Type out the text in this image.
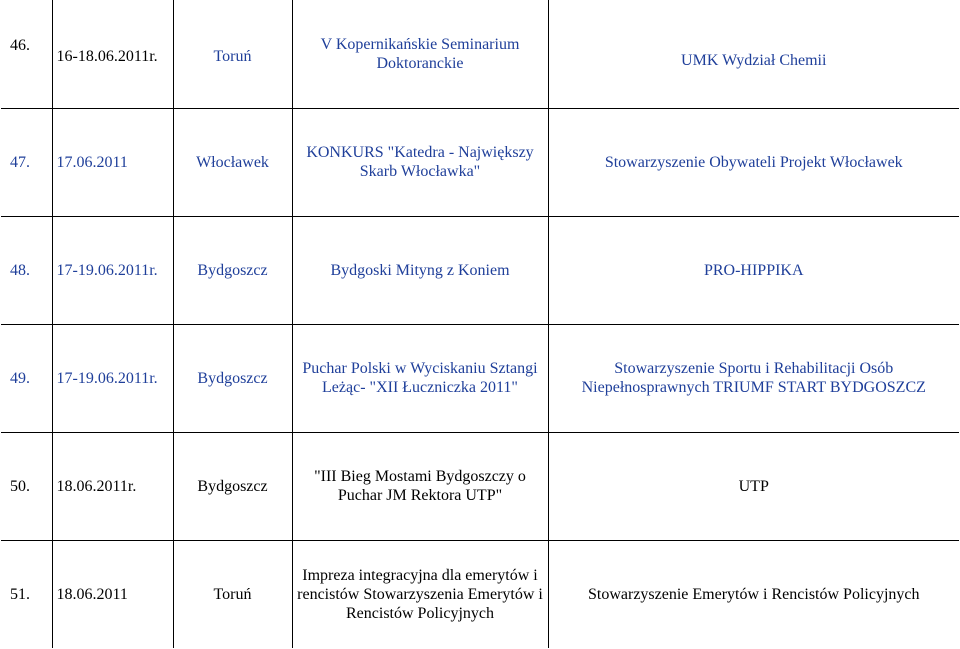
46.	16-18.06.2011r.	Toruń	V Kopernikańskie Seminarium Doktoranckie	UMK Wydział Chemii
47.	17.06.2011	Włocławek	KONKURS "Katedra - Największy Skarb Włocławka"	Stowarzyszenie Obywateli Projekt Włocławek
48.	17-19.06.2011r.	Bydgoszcz	Bydgoski Mityng z Koniem	PRO-HIPPIKA
49.	17-19.06.2011r.	Bydgoszcz	Puchar Polski w Wyciskaniu Sztangi Leżąc- "XII Łuczniczka 2011"	Stowarzyszenie Sportu i Rehabilitacji Osób Niepełnosprawnych TRIUMF START BYDGOSZCZ

50.	18.06.2011r.	Bydgoszcz	"III Bieg Mostami Bydgoszczy o Puchar JM Rektora UTP"	UTP
51.	18.06.2011	Toruń	Impreza integracyjna dla emerytów i rencistów Stowarzyszenia Emerytów i Rencistów Policyjnych	Stowarzyszenie Emerytów i Rencistów Policyjnych
